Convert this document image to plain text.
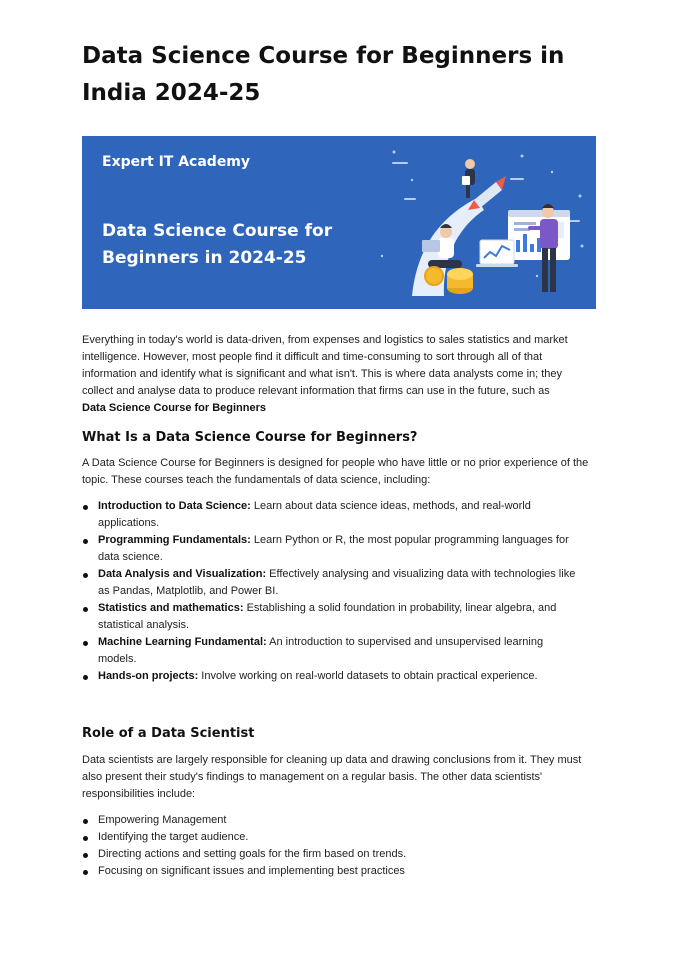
Data Science Course for Beginners in India 2024-25
Expert IT Academy
Data Science Course for Beginners in 2024-25

Everything in today's world is data-driven, from expenses and logistics to sales statistics and market intelligence. However, most people find it difficult and time-consuming to sort through all of that information and identify what is significant and what isn't. This is where data analysts come in; they collect and analyse data to produce relevant information that firms can use in the future, such as
Data Science Course for Beginners

What Is a Data Science Course for Beginners?
A Data Science Course for Beginners is designed for people who have little or no prior experience of the topic. These courses teach the fundamentals of data science, including:
Introduction to Data Science: Learn about data science ideas, methods, and real-world applications.
Programming Fundamentals: Learn Python or R, the most popular programming languages for data science.
Data Analysis and Visualization: Effectively analysing and visualizing data with technologies like as Pandas, Matplotlib, and Power BI.
Statistics and mathematics: Establishing a solid foundation in probability, linear algebra, and statistical analysis.
Machine Learning Fundamental: An introduction to supervised and unsupervised learning models.
Hands-on projects: Involve working on real-world datasets to obtain practical experience.
Role of a Data Scientist
Data scientists are largely responsible for cleaning up data and drawing conclusions from it. They must also present their study's findings to management on a regular basis. The other data scientists' responsibilities include:
Empowering Management
Identifying the target audience.
Directing actions and setting goals for the firm based on trends.
Focusing on significant issues and implementing best practices
